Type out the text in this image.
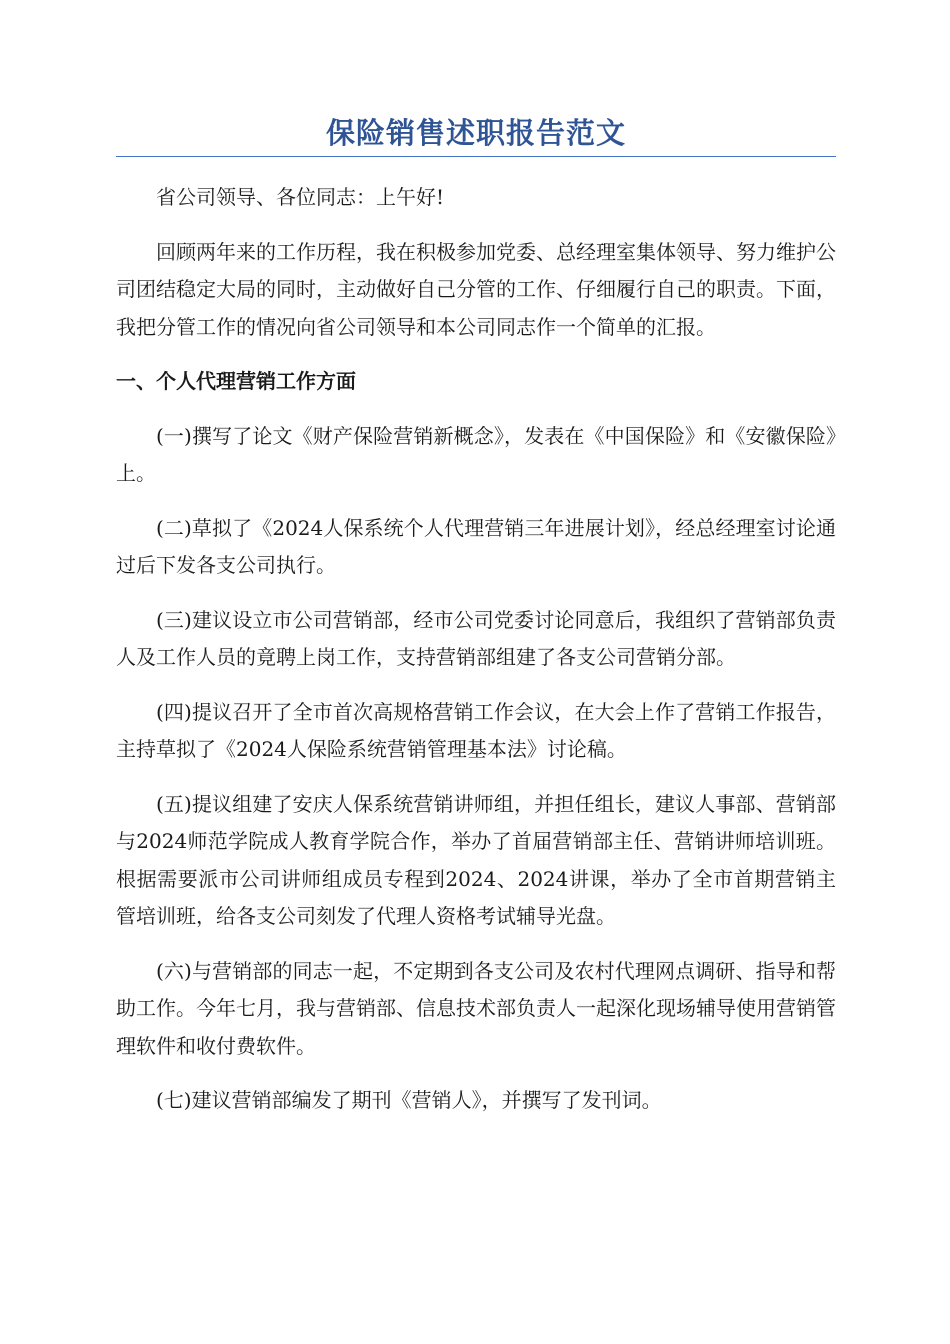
保险销售述职报告范文

省公司领导、各位同志：上午好!

回顾两年来的工作历程，我在积极参加党委、总经理室集体领导、努力维护公司团结稳定大局的同时，主动做好自己分管的工作、仔细履行自己的职责。下面，我把分管工作的情况向省公司领导和本公司同志作一个简单的汇报。

一、个人代理营销工作方面

(一)撰写了论文《财产保险营销新概念》，发表在《中国保险》和《安徽保险》上。

(二)草拟了《2024人保系统个人代理营销三年进展计划》，经总经理室讨论通过后下发各支公司执行。

(三)建议设立市公司营销部，经市公司党委讨论同意后，我组织了营销部负责人及工作人员的竟聘上岗工作，支持营销部组建了各支公司营销分部。

(四)提议召开了全市首次高规格营销工作会议，在大会上作了营销工作报告，主持草拟了《2024人保险系统营销管理基本法》讨论稿。

(五)提议组建了安庆人保系统营销讲师组，并担任组长，建议人事部、营销部与2024师范学院成人教育学院合作，举办了首届营销部主任、营销讲师培训班。根据需要派市公司讲师组成员专程到2024、2024讲课，举办了全市首期营销主管培训班，给各支公司刻发了代理人资格考试辅导光盘。

(六)与营销部的同志一起，不定期到各支公司及农村代理网点调研、指导和帮助工作。今年七月，我与营销部、信息技术部负责人一起深化现场辅导使用营销管理软件和收付费软件。

(七)建议营销部编发了期刊《营销人》，并撰写了发刊词。
